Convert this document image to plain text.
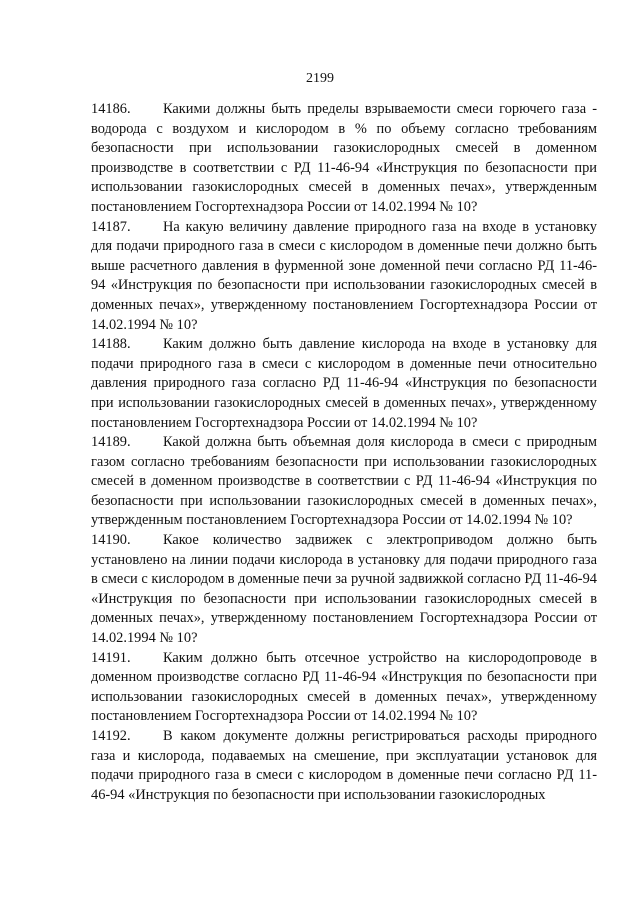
2199

14186. Какими должны быть пределы взрываемости смеси горючего газа - водорода с воздухом и кислородом в % по объему согласно требованиям безопасности при использовании газокислородных смесей в доменном производстве в соответствии с РД 11-46-94 «Инструкция по безопасности при использовании газокислородных смесей в доменных печах», утвержденным постановлением Госгортехнадзора России от 14.02.1994 № 10?

14187. На какую величину давление природного газа на входе в установку для подачи природного газа в смеси с кислородом в доменные печи должно быть выше расчетного давления в фурменной зоне доменной печи согласно РД 11-46-94 «Инструкция по безопасности при использовании газокислородных смесей в доменных печах», утвержденному постановлением Госгортехнадзора России от 14.02.1994 № 10?

14188. Каким должно быть давление кислорода на входе в установку для подачи природного газа в смеси с кислородом в доменные печи относительно давления природного газа согласно РД 11-46-94 «Инструкция по безопасности при использовании газокислородных смесей в доменных печах», утвержденному постановлением Госгортехнадзора России от 14.02.1994 № 10?

14189. Какой должна быть объемная доля кислорода в смеси с природным газом согласно требованиям безопасности при использовании газокислородных смесей в доменном производстве в соответствии с РД 11-46-94 «Инструкция по безопасности при использовании газокислородных смесей в доменных печах», утвержденным постановлением Госгортехнадзора России от 14.02.1994 № 10?

14190. Какое количество задвижек с электроприводом должно быть установлено на линии подачи кислорода в установку для подачи природного газа в смеси с кислородом в доменные печи за ручной задвижкой согласно РД 11-46-94 «Инструкция по безопасности при использовании газокислородных смесей в доменных печах», утвержденному постановлением Госгортехнадзора России от 14.02.1994 № 10?

14191. Каким должно быть отсечное устройство на кислородопроводе в доменном производстве согласно РД 11-46-94 «Инструкция по безопасности при использовании газокислородных смесей в доменных печах», утвержденному постановлением Госгортехнадзора России от 14.02.1994 № 10?

14192. В каком документе должны регистрироваться расходы природного газа и кислорода, подаваемых на смешение, при эксплуатации установок для подачи природного газа в смеси с кислородом в доменные печи согласно РД 11-46-94 «Инструкция по безопасности при использовании газокислородных
